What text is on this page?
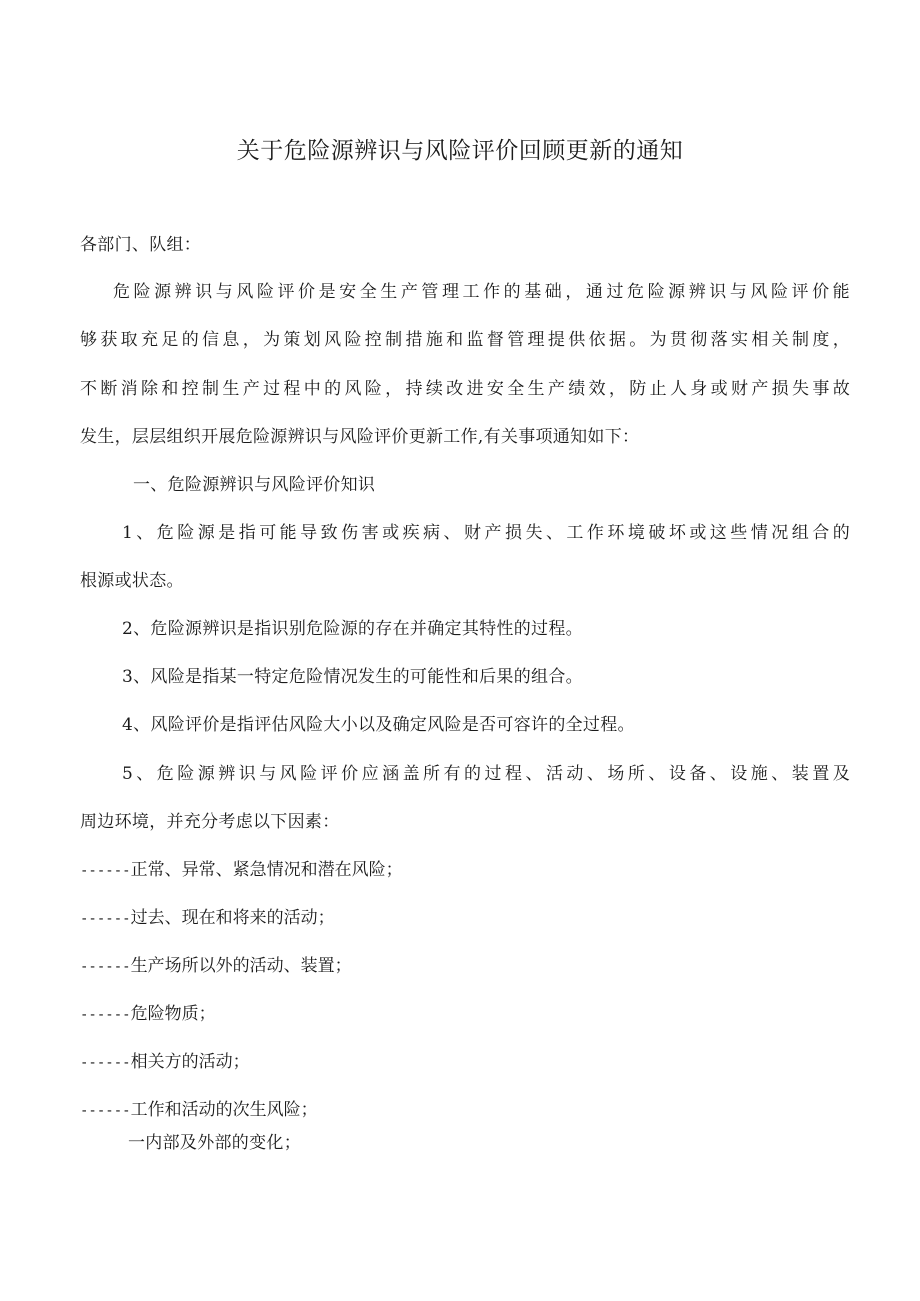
关于危险源辨识与风险评价回顾更新的通知
各部门、队组：
危险源辨识与风险评价是安全生产管理工作的基础，通过危险源辨识与风险评价能
够获取充足的信息，为策划风险控制措施和监督管理提供依据。为贯彻落实相关制度，
不断消除和控制生产过程中的风险，持续改进安全生产绩效，防止人身或财产损失事故
发生，层层组织开展危险源辨识与风险评价更新工作,有关事项通知如下：
一、危险源辨识与风险评价知识
1、危险源是指可能导致伤害或疾病、财产损失、工作环境破坏或这些情况组合的
根源或状态。
2、危险源辨识是指识别危险源的存在并确定其特性的过程。
3、风险是指某一特定危险情况发生的可能性和后果的组合。
4、风险评价是指评估风险大小以及确定风险是否可容许的全过程。
5、危险源辨识与风险评价应涵盖所有的过程、活动、场所、设备、设施、装置及
周边环境，并充分考虑以下因素：
------正常、异常、紧急情况和潜在风险；
------过去、现在和将来的活动；
------生产场所以外的活动、装置；
------危险物质；
------相关方的活动；
------工作和活动的次生风险；
一内部及外部的变化；
